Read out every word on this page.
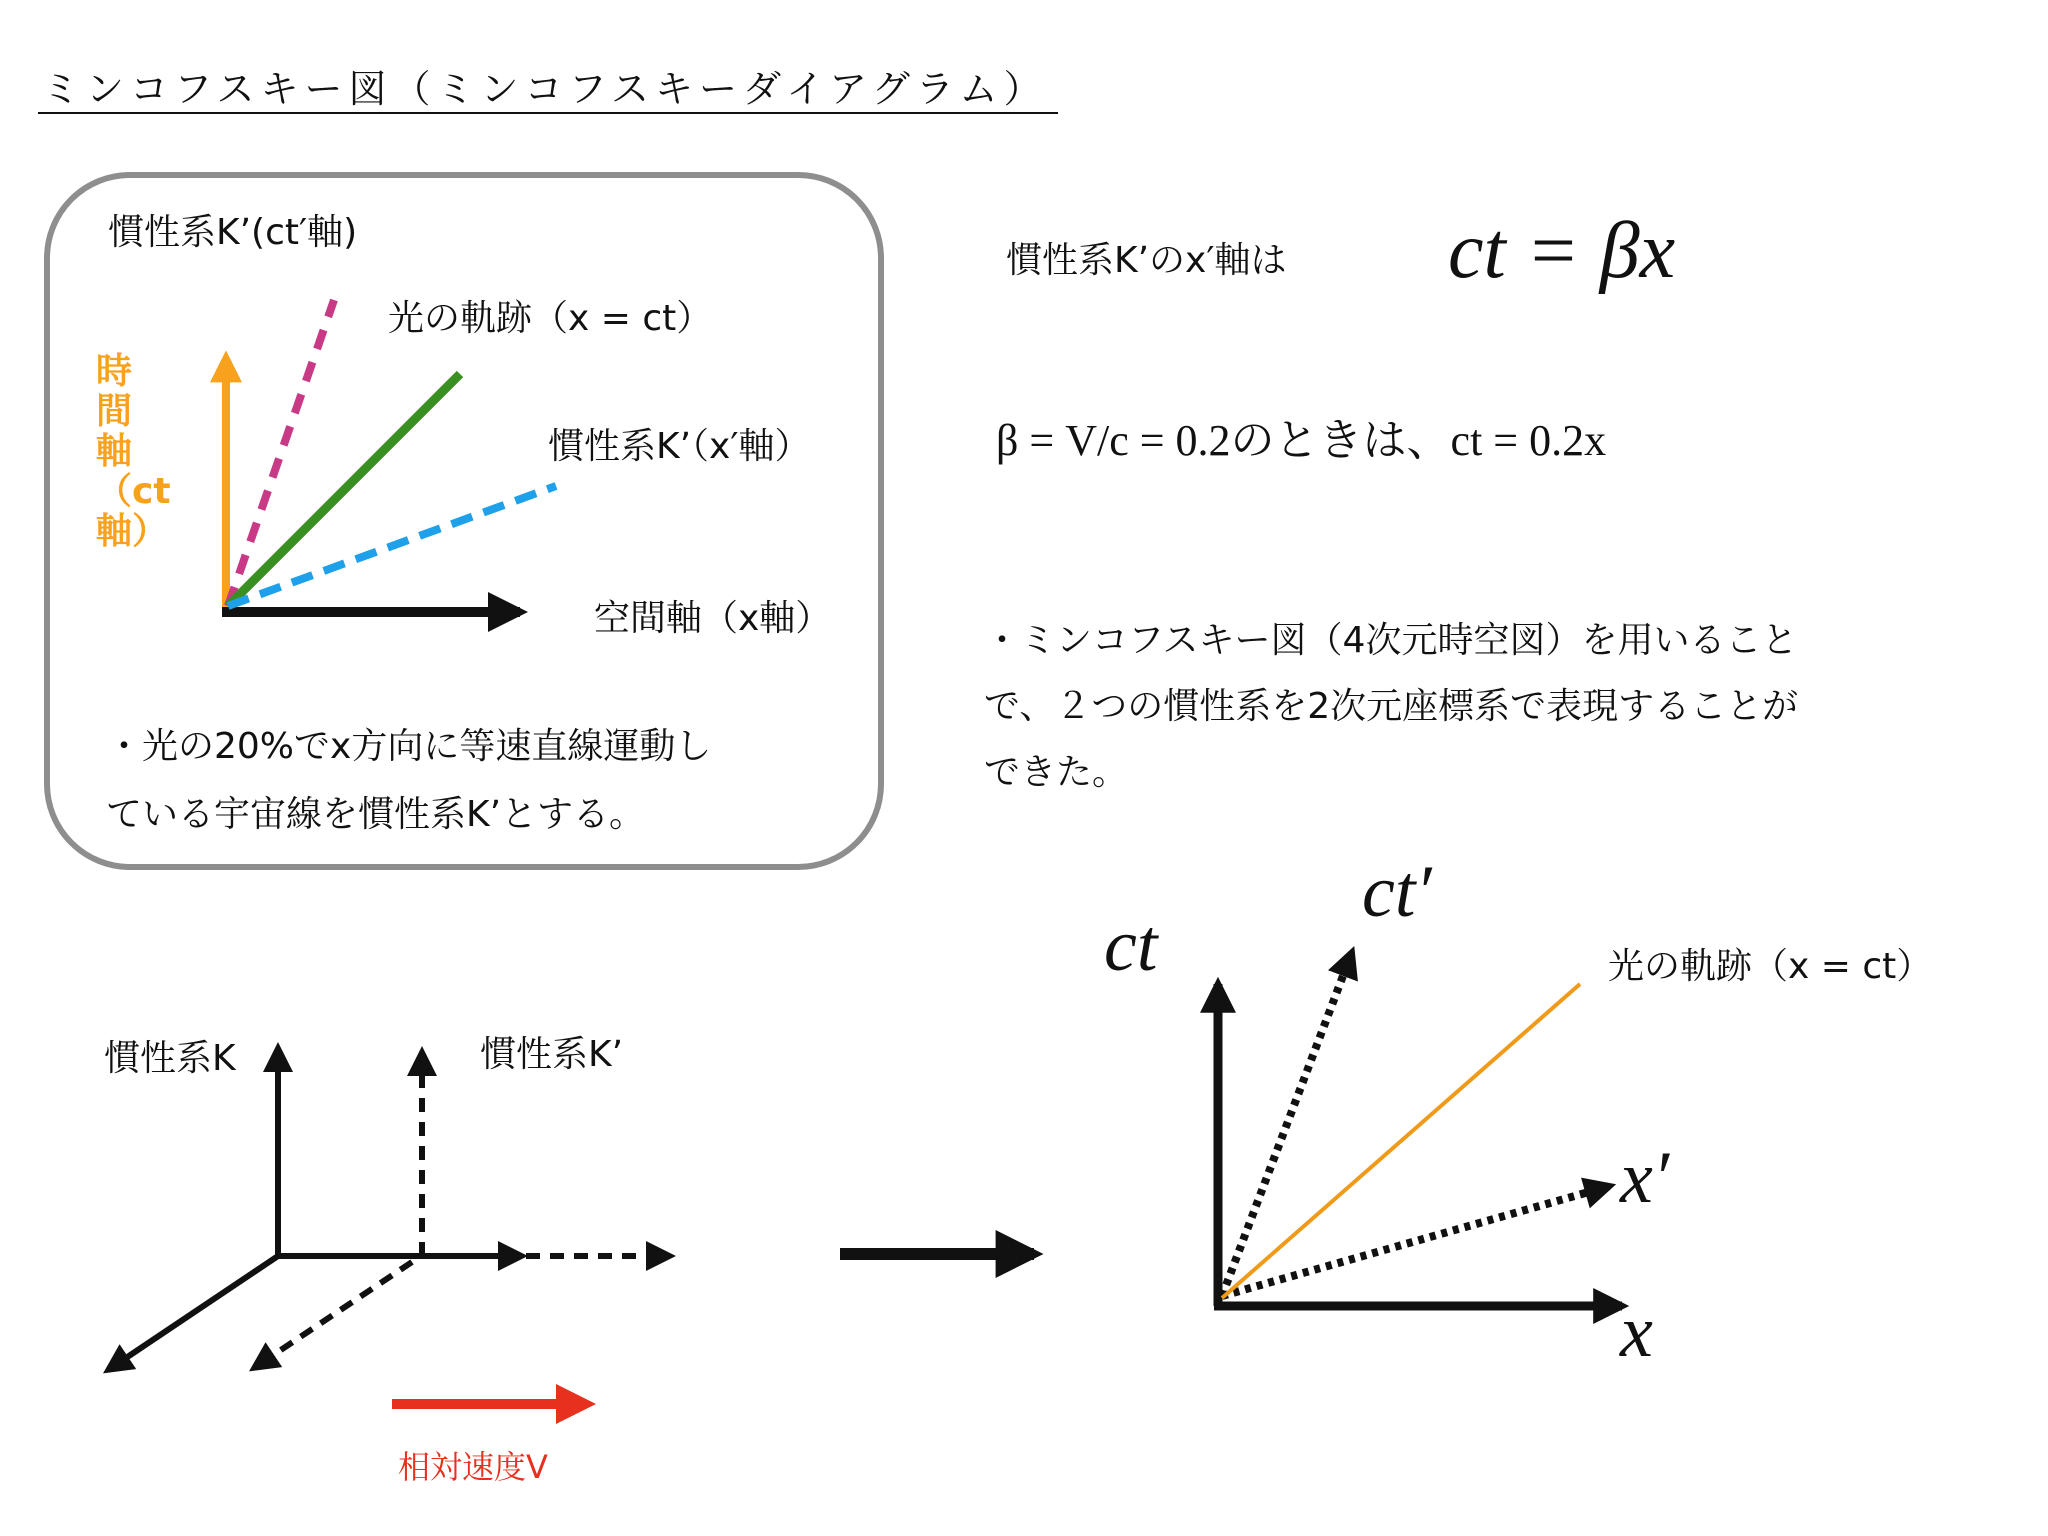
ミンコフスキー図（ミンコフスキーダイアグラム）
慣性系K’(ct′軸)
光の軌跡（x = ct）
慣性系K’（x′軸）
時間軸（ct軸）
空間軸（x軸）
・光の20%でx方向に等速直線運動し
ている宇宙線を慣性系K’とする。
慣性系K’のx′軸は ct = βx
β = V/c = 0.2のときは、ct = 0.2x
・ミンコフスキー図（4次元時空図）を用いること
で、２つの慣性系を2次元座標系で表現することが
できた。
慣性系K	慣性系K’
相対速度V
ct
ct′
x′
x
光の軌跡（x = ct）
